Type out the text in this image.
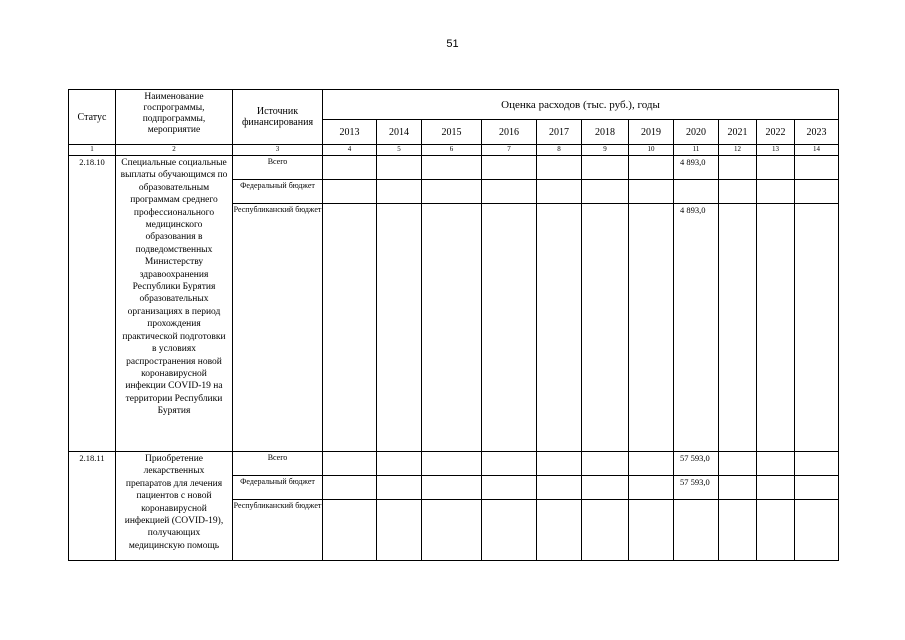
51
Статус	Наименование госпрограммы, подпрограммы, мероприятие	Источник финансирования	Оценка расходов (тыс. руб.), годы										
			2013	2014	2015	2016	2017	2018	2019	2020	2021	2022	2023
1	2	3	4	5	6	7	8	9	10	11	12	13	14
2.18.10	Специальные социальные выплаты обучающимся по образовательным программам среднего профессионального медицинского образования в подведомственных Министерству здравоохранения Республики Бурятия образовательных организациях в период прохождения практической подготовки в условиях распространения новой коронавирусной инфекции COVID-19 на территории Республики Бурятия	Всего								4 893,0			
		Федеральный бюджет											
		Республиканский бюджет								4 893,0			
2.18.11	Приобретение лекарственных препаратов для лечения пациентов с новой коронавирусной инфекцией (COVID-19), получающих медицинскую помощь	Всего								57 593,0			
		Федеральный бюджет								57 593,0			
		Республиканский бюджет											
